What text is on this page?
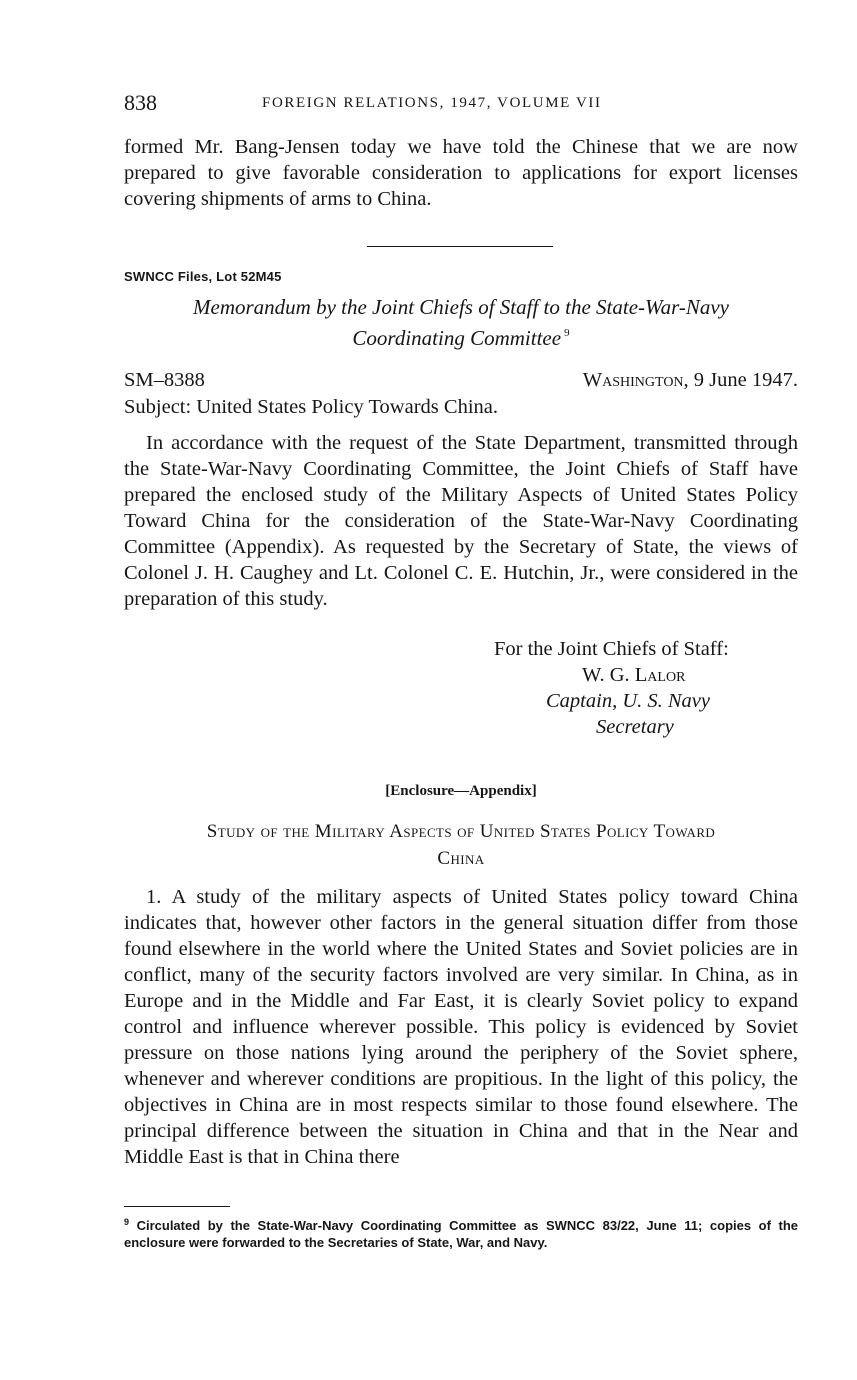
838	FOREIGN RELATIONS, 1947, VOLUME VII
formed Mr. Bang-Jensen today we have told the Chinese that we are now prepared to give favorable consideration to applications for export licenses covering shipments of arms to China.
SWNCC Files, Lot 52M45
Memorandum by the Joint Chiefs of Staff to the State-War-Navy
Coordinating Committee $^9$
SM–8388	Washington, 9 June 1947.
Subject: United States Policy Towards China.
In accordance with the request of the State Department, transmitted through the State-War-Navy Coordinating Committee, the Joint Chiefs of Staff have prepared the enclosed study of the Military Aspects of United States Policy Toward China for the consideration of the State-War-Navy Coordinating Committee (Appendix). As requested by the Secretary of State, the views of Colonel J. H. Caughey and Lt. Colonel C. E. Hutchin, Jr., were considered in the preparation of this study.
For the Joint Chiefs of Staff:
W. G. Lalor
Captain, U. S. Navy
Secretary
[Enclosure—Appendix]
Study of the Military Aspects of United States Policy Toward
China
1. A study of the military aspects of United States policy toward China indicates that, however other factors in the general situation differ from those found elsewhere in the world where the United States and Soviet policies are in conflict, many of the security factors involved are very similar. In China, as in Europe and in the Middle and Far East, it is clearly Soviet policy to expand control and influence wherever possible. This policy is evidenced by Soviet pressure on those nations lying around the periphery of the Soviet sphere, whenever and wherever conditions are propitious. In the light of this policy, the objectives in China are in most respects similar to those found elsewhere. The principal difference between the situation in China and that in the Near and Middle East is that in China there
$^9$ Circulated by the State-War-Navy Coordinating Committee as SWNCC 83/22, June 11; copies of the enclosure were forwarded to the Secretaries of State, War, and Navy.
